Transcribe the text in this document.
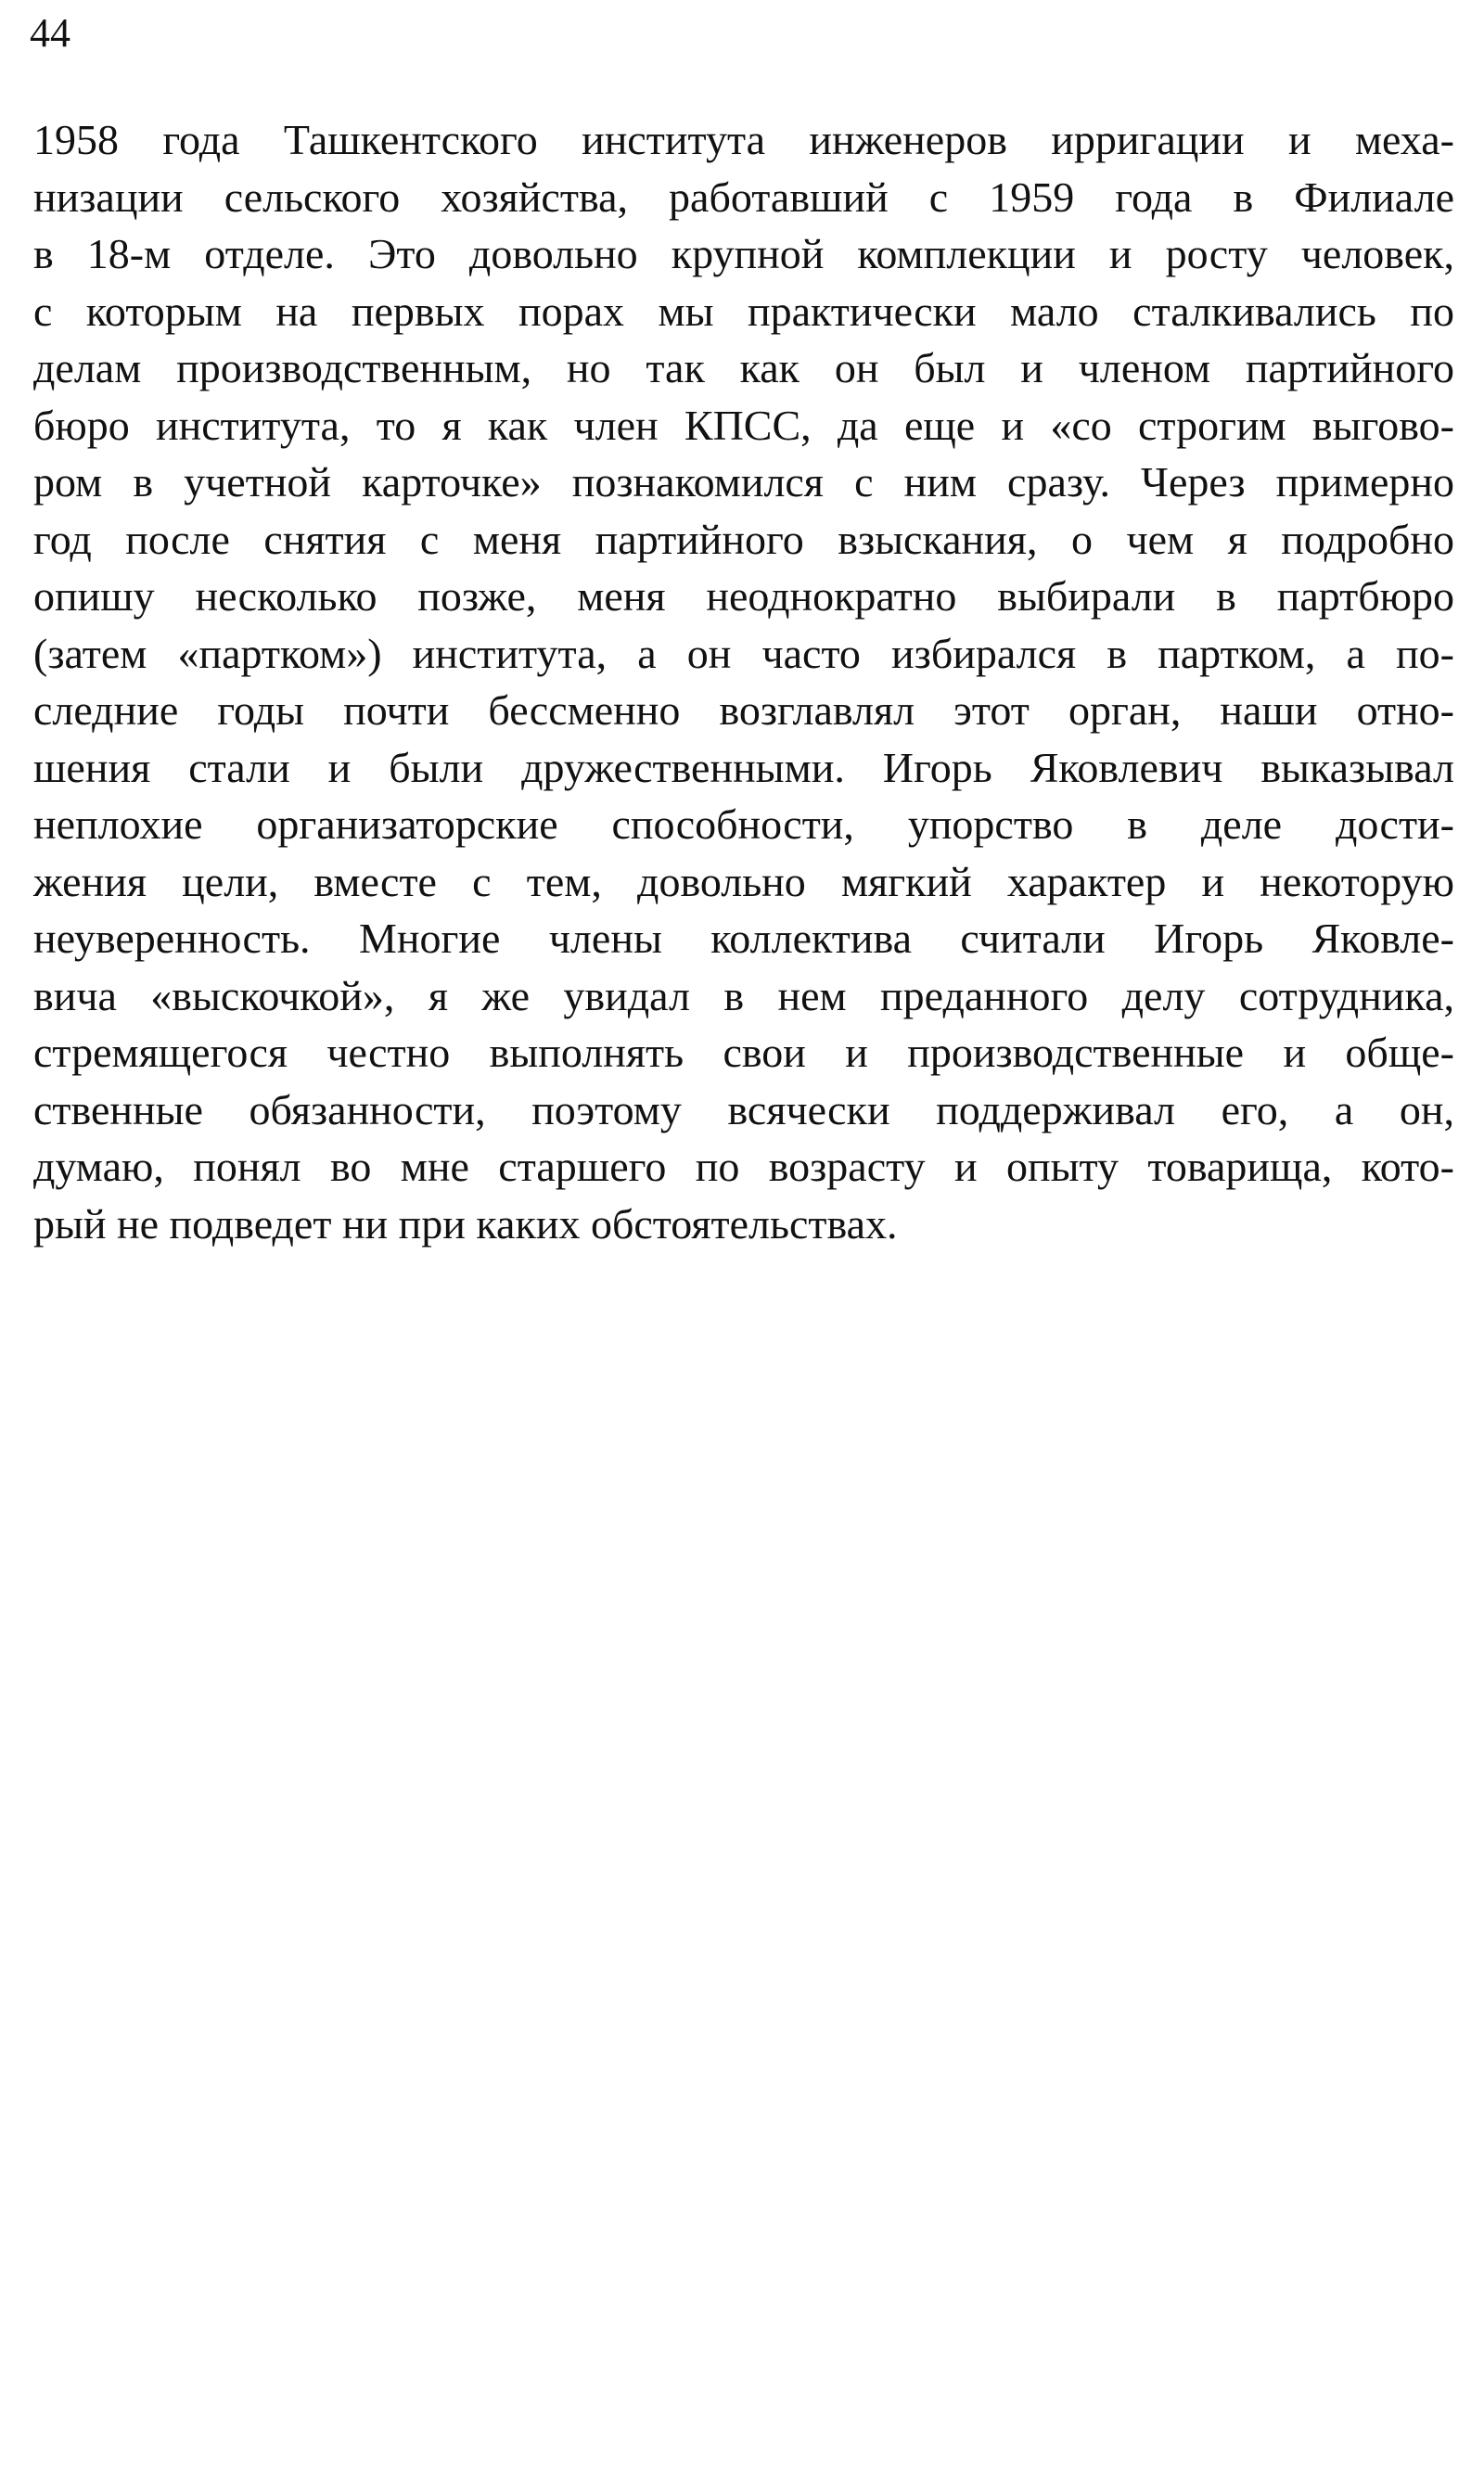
44
1958 года Ташкентского института инженеров ирригации и меха-
низации сельского хозяйства, работавший с 1959 года в Филиале
в 18-м отделе. Это довольно крупной комплекции и росту человек,
с которым на первых порах мы практически мало сталкивались по
делам производственным, но так как он был и членом партийного
бюро института, то я как член КПСС, да еще и «со строгим выгово-
ром в учетной карточке» познакомился с ним сразу. Через примерно
год после снятия с меня партийного взыскания, о чем я подробно
опишу несколько позже, меня неоднократно выбирали в партбюро
(затем «партком») института, а он часто избирался в партком, а по-
следние годы почти бессменно возглавлял этот орган, наши отно-
шения стали и были дружественными. Игорь Яковлевич выказывал
неплохие организаторские способности, упорство в деле дости-
жения цели, вместе с тем, довольно мягкий характер и некоторую
неуверенность. Многие члены коллектива считали Игорь Яковле-
вича «выскочкой», я же увидал в нем преданного делу сотрудника,
стремящегося честно выполнять свои и производственные и обще-
ственные обязанности, поэтому всячески поддерживал его, а он,
думаю, понял во мне старшего по возрасту и опыту товарища, кото-
рый не подведет ни при каких обстоятельствах.
